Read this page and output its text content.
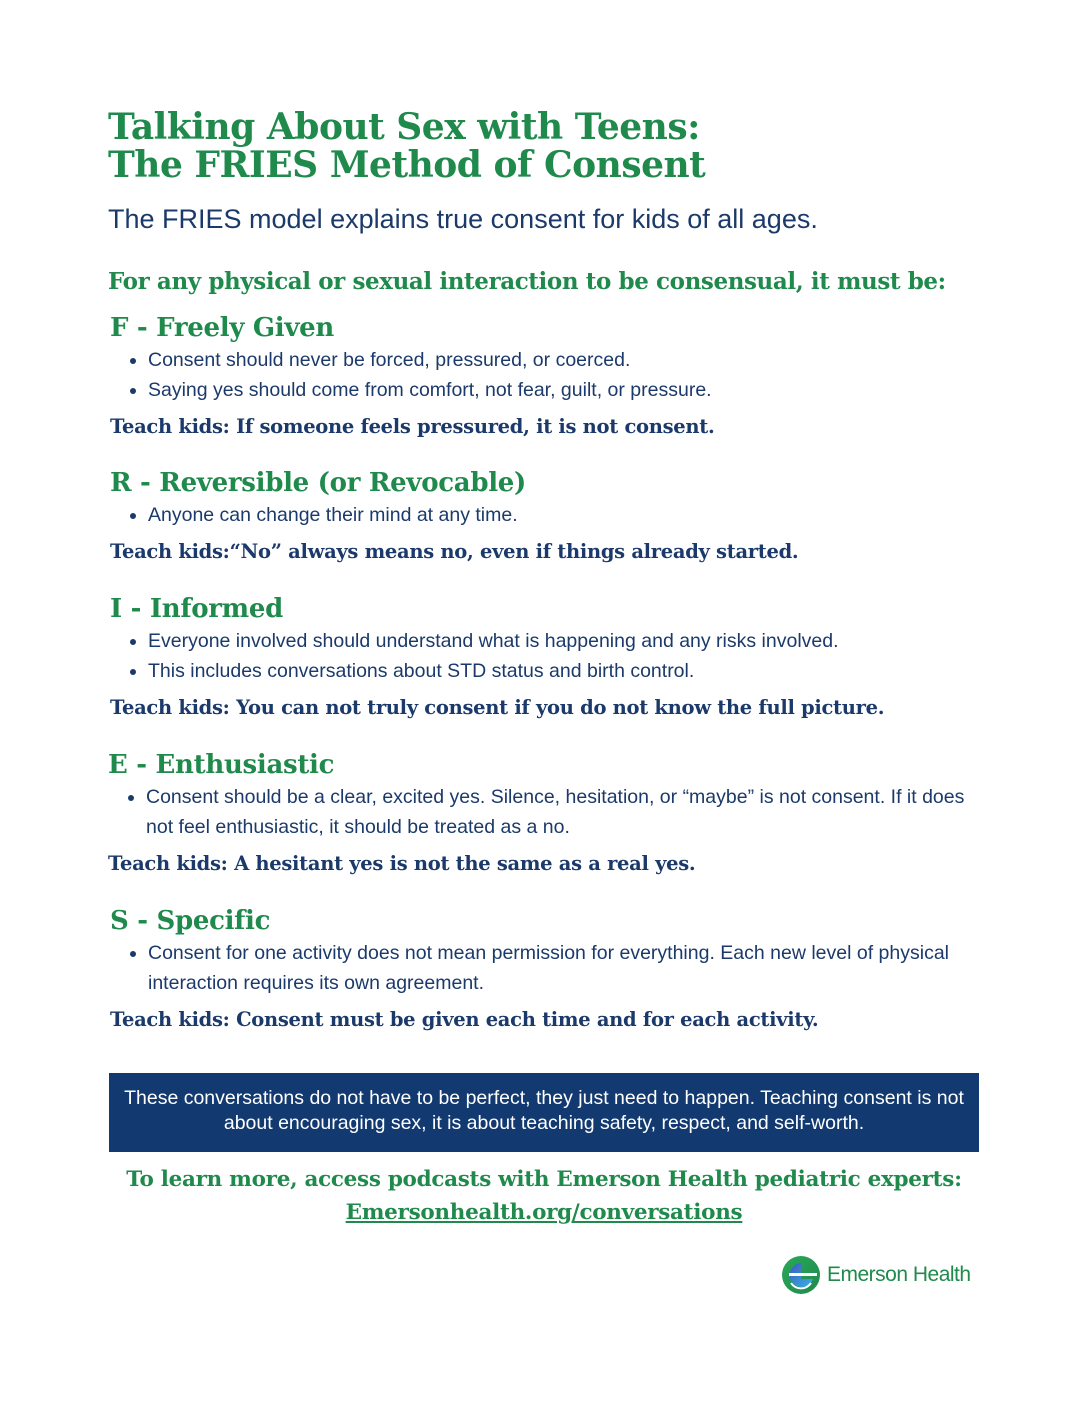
Talking About Sex with Teens:
The FRIES Method of Consent
The FRIES model explains true consent for kids of all ages.
For any physical or sexual interaction to be consensual, it must be:
F - Freely Given
• Consent should never be forced, pressured, or coerced.
• Saying yes should come from comfort, not fear, guilt, or pressure.
Teach kids: If someone feels pressured, it is not consent.
R - Reversible (or Revocable)
• Anyone can change their mind at any time.
Teach kids:“No” always means no, even if things already started.
I - Informed
• Everyone involved should understand what is happening and any risks involved.
• This includes conversations about STD status and birth control.
Teach kids: You can not truly consent if you do not know the full picture.
E - Enthusiastic
• Consent should be a clear, excited yes. Silence, hesitation, or “maybe” is not consent. If it does not feel enthusiastic, it should be treated as a no.
Teach kids: A hesitant yes is not the same as a real yes.
S - Specific
• Consent for one activity does not mean permission for everything. Each new level of physical interaction requires its own agreement.
Teach kids: Consent must be given each time and for each activity.
These conversations do not have to be perfect, they just need to happen. Teaching consent is not about encouraging sex, it is about teaching safety, respect, and self-worth.
To learn more, access podcasts with Emerson Health pediatric experts:
Emersonhealth.org/conversations
Emerson Health
